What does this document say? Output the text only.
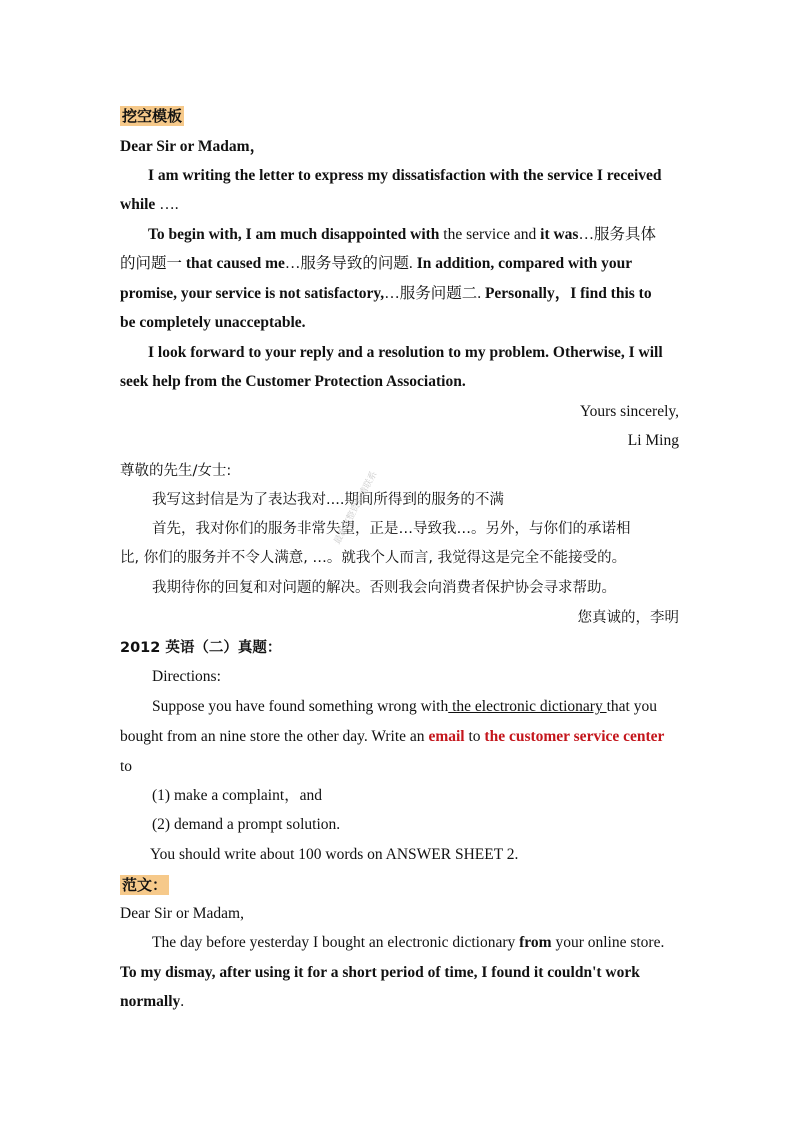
挖空模板
Dear Sir or Madam，
I am writing the letter to express my dissatisfaction with the service I received
while ….
To begin with, I am much disappointed with the service and it was…服务具体
的问题一 that caused me…服务导致的问题. In addition, compared with your
promise, your service is not satisfactory,…服务问题二. Personally，I find this to
be completely unacceptable.
I look forward to your reply and a resolution to my problem. Otherwise, I will
seek help from the Customer Protection Association.
Yours sincerely,
Li Ming
尊敬的先生/女士:
我写这封信是为了表达我对....期间所得到的服务的不满
首先，我对你们的服务非常失望，正是…导致我…。另外，与你们的承诺相
比, 你们的服务并不令人满意, …。就我个人而言, 我觉得这是完全不能接受的。
我期待你的回复和对问题的解决。否则我会向消费者保护协会寻求帮助。
您真诚的，李明
2012 英语（二）真题：
Directions:
Suppose you have found something wrong with the electronic dictionary that you
bought from an nine store the other day. Write an email to the customer service center
to
(1) make a complaint，and
(2) demand a prompt solution.
You should write about 100 words on ANSWER SHEET 2.
范文：
Dear Sir or Madam,
The day before yesterday I bought an electronic dictionary from your online store.
To my dismay, after using it for a short period of time, I found it couldn't work
normally.
最新完整资料请联系
